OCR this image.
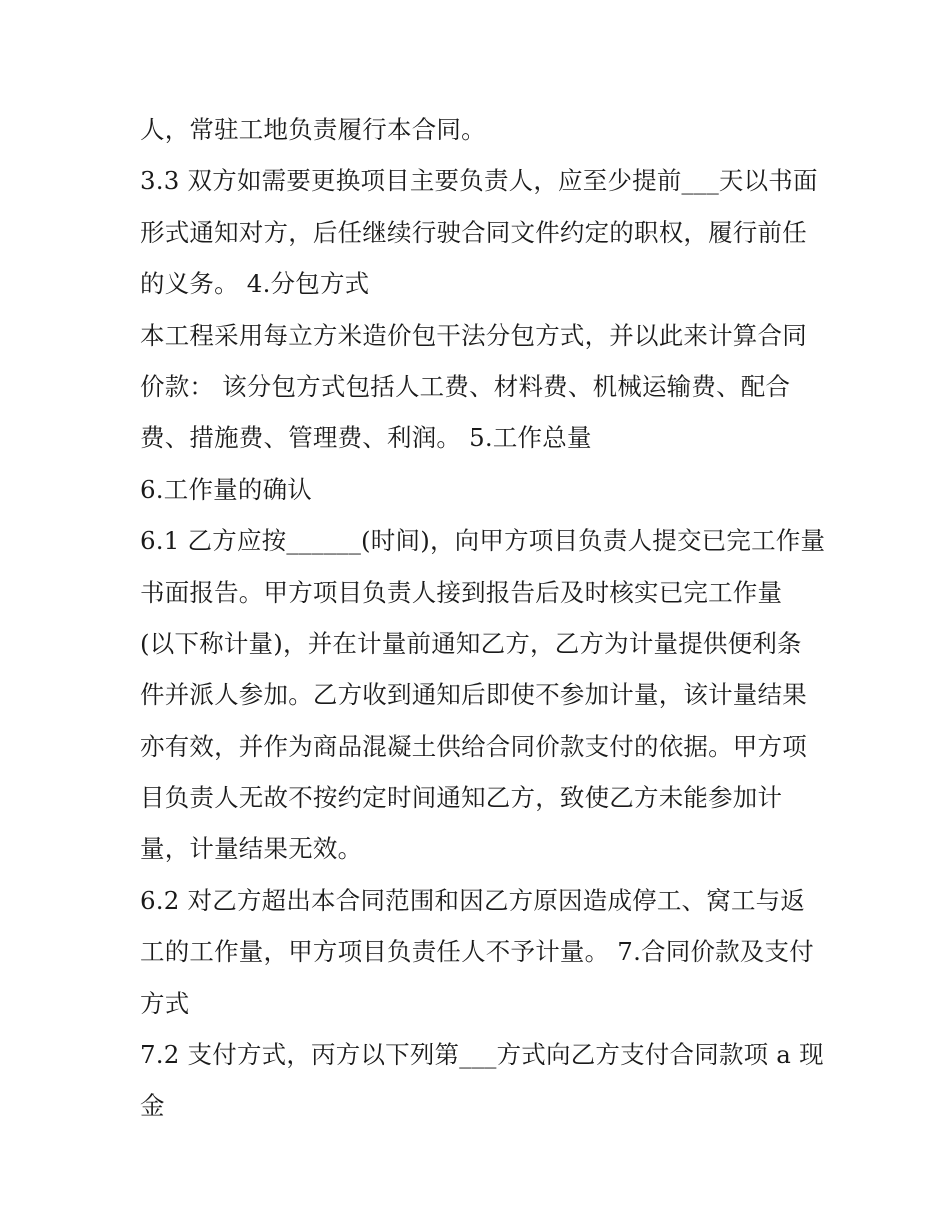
人，常驻工地负责履行本合同。
3.3 双方如需要更换项目主要负责人，应至少提前___天以书面
形式通知对方，后任继续行驶合同文件约定的职权，履行前任
的义务。 4.分包方式
本工程采用每立方米造价包干法分包方式，并以此来计算合同
价款： 该分包方式包括人工费、材料费、机械运输费、配合
费、措施费、管理费、利润。 5.工作总量
6.工作量的确认
6.1 乙方应按______(时间)，向甲方项目负责人提交已完工作量
书面报告。甲方项目负责人接到报告后及时核实已完工作量
(以下称计量)，并在计量前通知乙方，乙方为计量提供便利条
件并派人参加。乙方收到通知后即使不参加计量，该计量结果
亦有效，并作为商品混凝土供给合同价款支付的依据。甲方项
目负责人无故不按约定时间通知乙方，致使乙方未能参加计
量，计量结果无效。
6.2 对乙方超出本合同范围和因乙方原因造成停工、窝工与返
工的工作量，甲方项目负责任人不予计量。 7.合同价款及支付
方式
7.2 支付方式，丙方以下列第___方式向乙方支付合同款项 a 现
金
